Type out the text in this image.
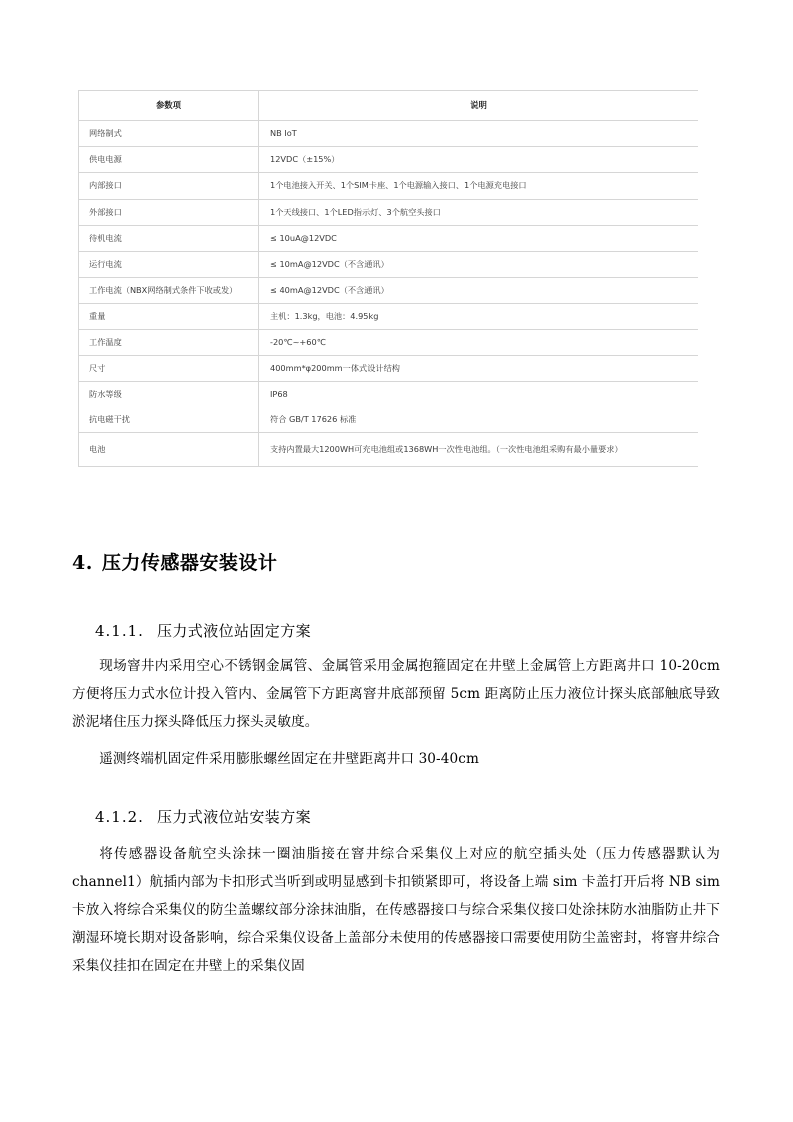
参数项	说明
网络制式	NB IoT
供电电源	12VDC（±15%）
内部接口	1个电池接入开关、1个SIM卡座、1个电源输入接口、1个电源充电接口
外部接口	1个天线接口、1个LED指示灯、3个航空头接口
待机电流	≤ 10uA@12VDC
运行电流	≤ 10mA@12VDC（不含通讯）
工作电流（NBX网络制式条件下收或发）	≤ 40mA@12VDC（不含通讯）
重量	主机：1.3kg，电池：4.95kg
工作温度	-20℃~+60℃
尺寸	400mm*φ200mm一体式设计结构
防水等级	IP68
抗电磁干扰	符合 GB/T 17626 标准
电池	支持内置最大1200WH可充电池组或1368WH一次性电池组。（一次性电池组采购有最小量要求）
4. 压力传感器安装设计
4.1.1. 压力式液位站固定方案
现场窨井内采用空心不锈钢金属管、金属管采用金属抱箍固定在井壁上金属管上方距离井口 10-20cm 方便将压力式水位计投入管内、金属管下方距离窨井底部预留 5cm 距离防止压力液位计探头底部触底导致淤泥堵住压力探头降低压力探头灵敏度。
遥测终端机固定件采用膨胀螺丝固定在井壁距离井口 30-40cm
4.1.2. 压力式液位站安装方案
将传感器设备航空头涂抹一圈油脂接在窨井综合采集仪上对应的航空插头处（压力传感器默认为 channel1）航插内部为卡扣形式当听到或明显感到卡扣锁紧即可，将设备上端 sim 卡盖打开后将 NB sim 卡放入将综合采集仪的防尘盖螺纹部分涂抹油脂，在传感器接口与综合采集仪接口处涂抹防水油脂防止井下潮湿环境长期对设备影响，综合采集仪设备上盖部分未使用的传感器接口需要使用防尘盖密封，将窨井综合采集仪挂扣在固定在井壁上的采集仪固
